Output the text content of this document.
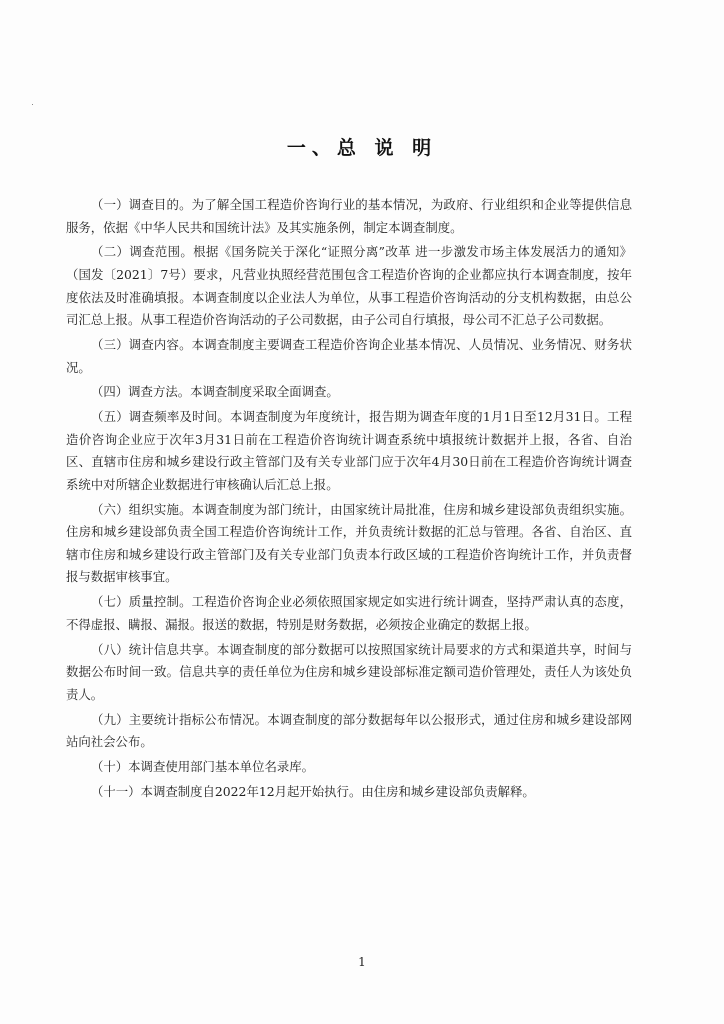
一、总 说 明

（一）调查目的。为了解全国工程造价咨询行业的基本情况，为政府、行业组织和企业等提供信息服务，依据《中华人民共和国统计法》及其实施条例，制定本调查制度。

（二）调查范围。根据《国务院关于深化“证照分离”改革 进一步激发市场主体发展活力的通知》（国发〔2021〕7号）要求，凡营业执照经营范围包含工程造价咨询的企业都应执行本调查制度，按年度依法及时准确填报。本调查制度以企业法人为单位，从事工程造价咨询活动的分支机构数据，由总公司汇总上报。从事工程造价咨询活动的子公司数据，由子公司自行填报，母公司不汇总子公司数据。

（三）调查内容。本调查制度主要调查工程造价咨询企业基本情况、人员情况、业务情况、财务状况。

（四）调查方法。本调查制度采取全面调查。

（五）调查频率及时间。本调查制度为年度统计，报告期为调查年度的1月1日至12月31日。工程造价咨询企业应于次年3月31日前在工程造价咨询统计调查系统中填报统计数据并上报，各省、自治区、直辖市住房和城乡建设行政主管部门及有关专业部门应于次年4月30日前在工程造价咨询统计调查系统中对所辖企业数据进行审核确认后汇总上报。

（六）组织实施。本调查制度为部门统计，由国家统计局批准，住房和城乡建设部负责组织实施。住房和城乡建设部负责全国工程造价咨询统计工作，并负责统计数据的汇总与管理。各省、自治区、直辖市住房和城乡建设行政主管部门及有关专业部门负责本行政区域的工程造价咨询统计工作，并负责督报与数据审核事宜。

（七）质量控制。工程造价咨询企业必须依照国家规定如实进行统计调查，坚持严肃认真的态度，不得虚报、瞒报、漏报。报送的数据，特别是财务数据，必须按企业确定的数据上报。

（八）统计信息共享。本调查制度的部分数据可以按照国家统计局要求的方式和渠道共享，时间与数据公布时间一致。信息共享的责任单位为住房和城乡建设部标准定额司造价管理处，责任人为该处负责人。

（九）主要统计指标公布情况。本调查制度的部分数据每年以公报形式，通过住房和城乡建设部网站向社会公布。

（十）本调查使用部门基本单位名录库。

（十一）本调查制度自2022年12月起开始执行。由住房和城乡建设部负责解释。

1
